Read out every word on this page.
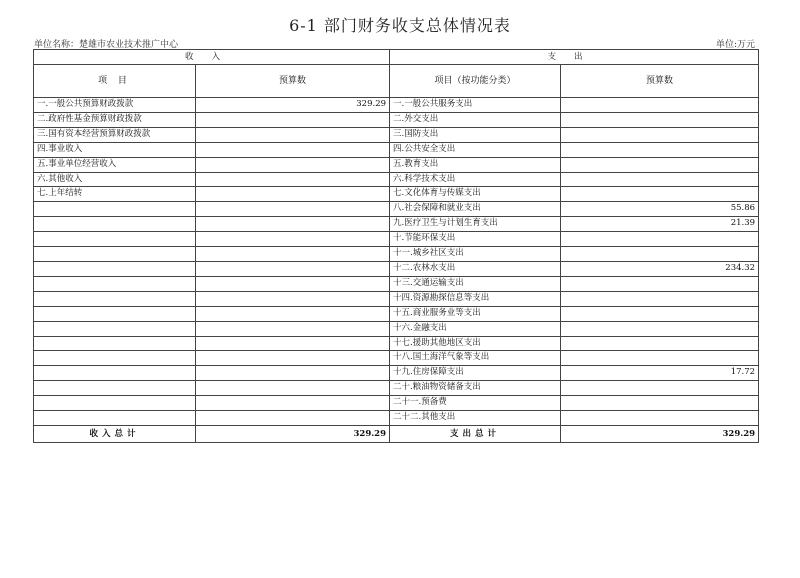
6-1 部门财务收支总体情况表
单位名称：楚雄市农业技术推广中心	单位:万元
收入		支出	
项 目	预算数	项目（按功能分类）	预算数
一.一般公共预算财政拨款	329.29	一.一般公共服务支出	
二.政府性基金预算财政拨款		二.外交支出	
三.国有资本经营预算财政拨款		三.国防支出	
四.事业收入		四.公共安全支出	
五.事业单位经营收入		五.教育支出	
六.其他收入		六.科学技术支出	
七.上年结转		七.文化体育与传媒支出	
		八.社会保障和就业支出	55.86
		九.医疗卫生与计划生育支出	21.39
		十.节能环保支出	
		十一.城乡社区支出	
		十二.农林水支出	234.32
		十三.交通运输支出	
		十四.资源勘探信息等支出	
		十五.商业服务业等支出	
		十六.金融支出	
		十七.援助其他地区支出	
		十八.国土海洋气象等支出	
		十九.住房保障支出	17.72
		二十.粮油物资储备支出	
		二十一.预备费	
		二十二.其他支出	
收入总计	329.29	支出总计	329.29
